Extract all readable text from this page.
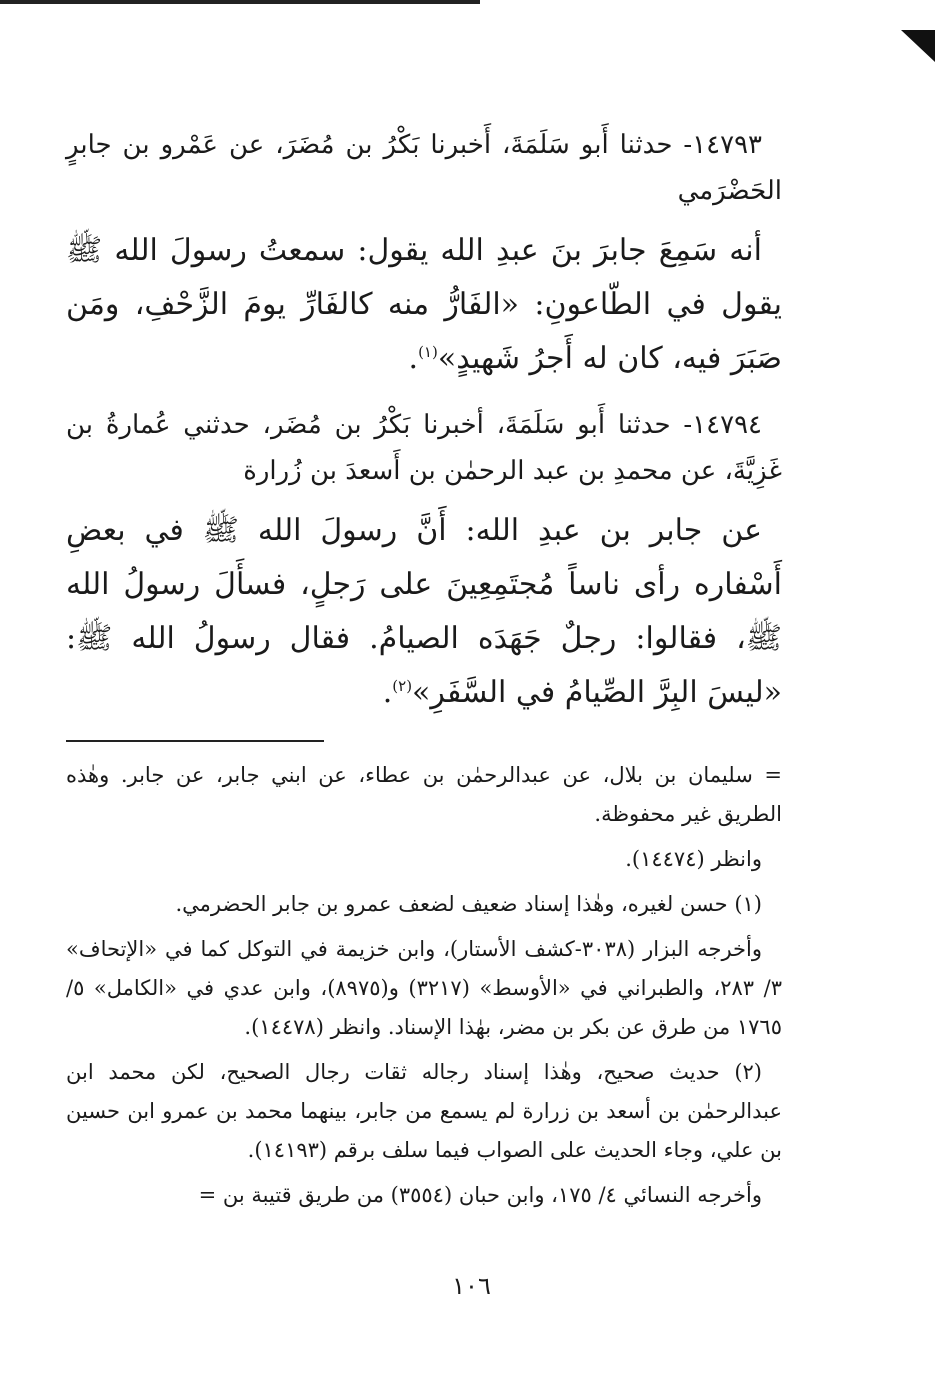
١٤٧٩٣- حدثنا أَبو سَلَمَةَ، أَخبرنا بَكْرُ بن مُضَرَ، عن عَمْرو بن جابرٍ الحَضْرَمي

أنه سَمِعَ جابرَ بنَ عبدِ الله يقول: سمعتُ رسولَ الله ﷺ يقول في الطّاعونِ: «الفَارُّ منه كالفَارِّ يومَ الزَّحْفِ، ومَن صَبَرَ فيه، كان له أَجرُ شَهيدٍ»$^{(١)}$.

١٤٧٩٤- حدثنا أَبو سَلَمَةَ، أخبرنا بَكْرُ بن مُضَر، حدثني عُمارةُ بن غَزِيَّةَ، عن محمدِ بن عبد الرحمٰن بن أَسعدَ بن زُرارة

عن جابر بن عبدِ الله: أَنَّ رسولَ الله ﷺ في بعضِ أَسْفاره رأى ناساً مُجتَمِعِينَ على رَجلٍ، فسأَلَ رسولُ الله ﷺ، فقالوا: رجلٌ جَهَدَه الصيامُ. فقال رسولُ الله ﷺ: «ليسَ البِرَّ الصِّيامُ في السَّفَرِ»$^{(٢)}$.

= سليمان بن بلال، عن عبدالرحمٰن بن عطاء، عن ابني جابر، عن جابر. وهٰذه الطريق غير محفوظة.

وانظر (١٤٤٧٤).

(١) حسن لغيره، وهٰذا إسناد ضعيف لضعف عمرو بن جابر الحضرمي.

وأخرجه البزار (٣٠٣٨-كشف الأستار)، وابن خزيمة في التوكل كما في «الإتحاف» ٣/ ٢٨٣، والطبراني في «الأوسط» (٣٢١٧) و(٨٩٧٥)، وابن عدي في «الكامل» ٥/ ١٧٦٥ من طرق عن بكر بن مضر، بهٰذا الإسناد. وانظر (١٤٤٧٨).

(٢) حديث صحيح، وهٰذا إسناد رجاله ثقات رجال الصحيح، لكن محمد ابن عبدالرحمٰن بن أسعد بن زرارة لم يسمع من جابر، بينهما محمد بن عمرو ابن حسين بن علي، وجاء الحديث على الصواب فيما سلف برقم (١٤١٩٣).

وأخرجه النسائي ٤/ ١٧٥، وابن حبان (٣٥٥٤) من طريق قتيبة بن =

١٠٦
